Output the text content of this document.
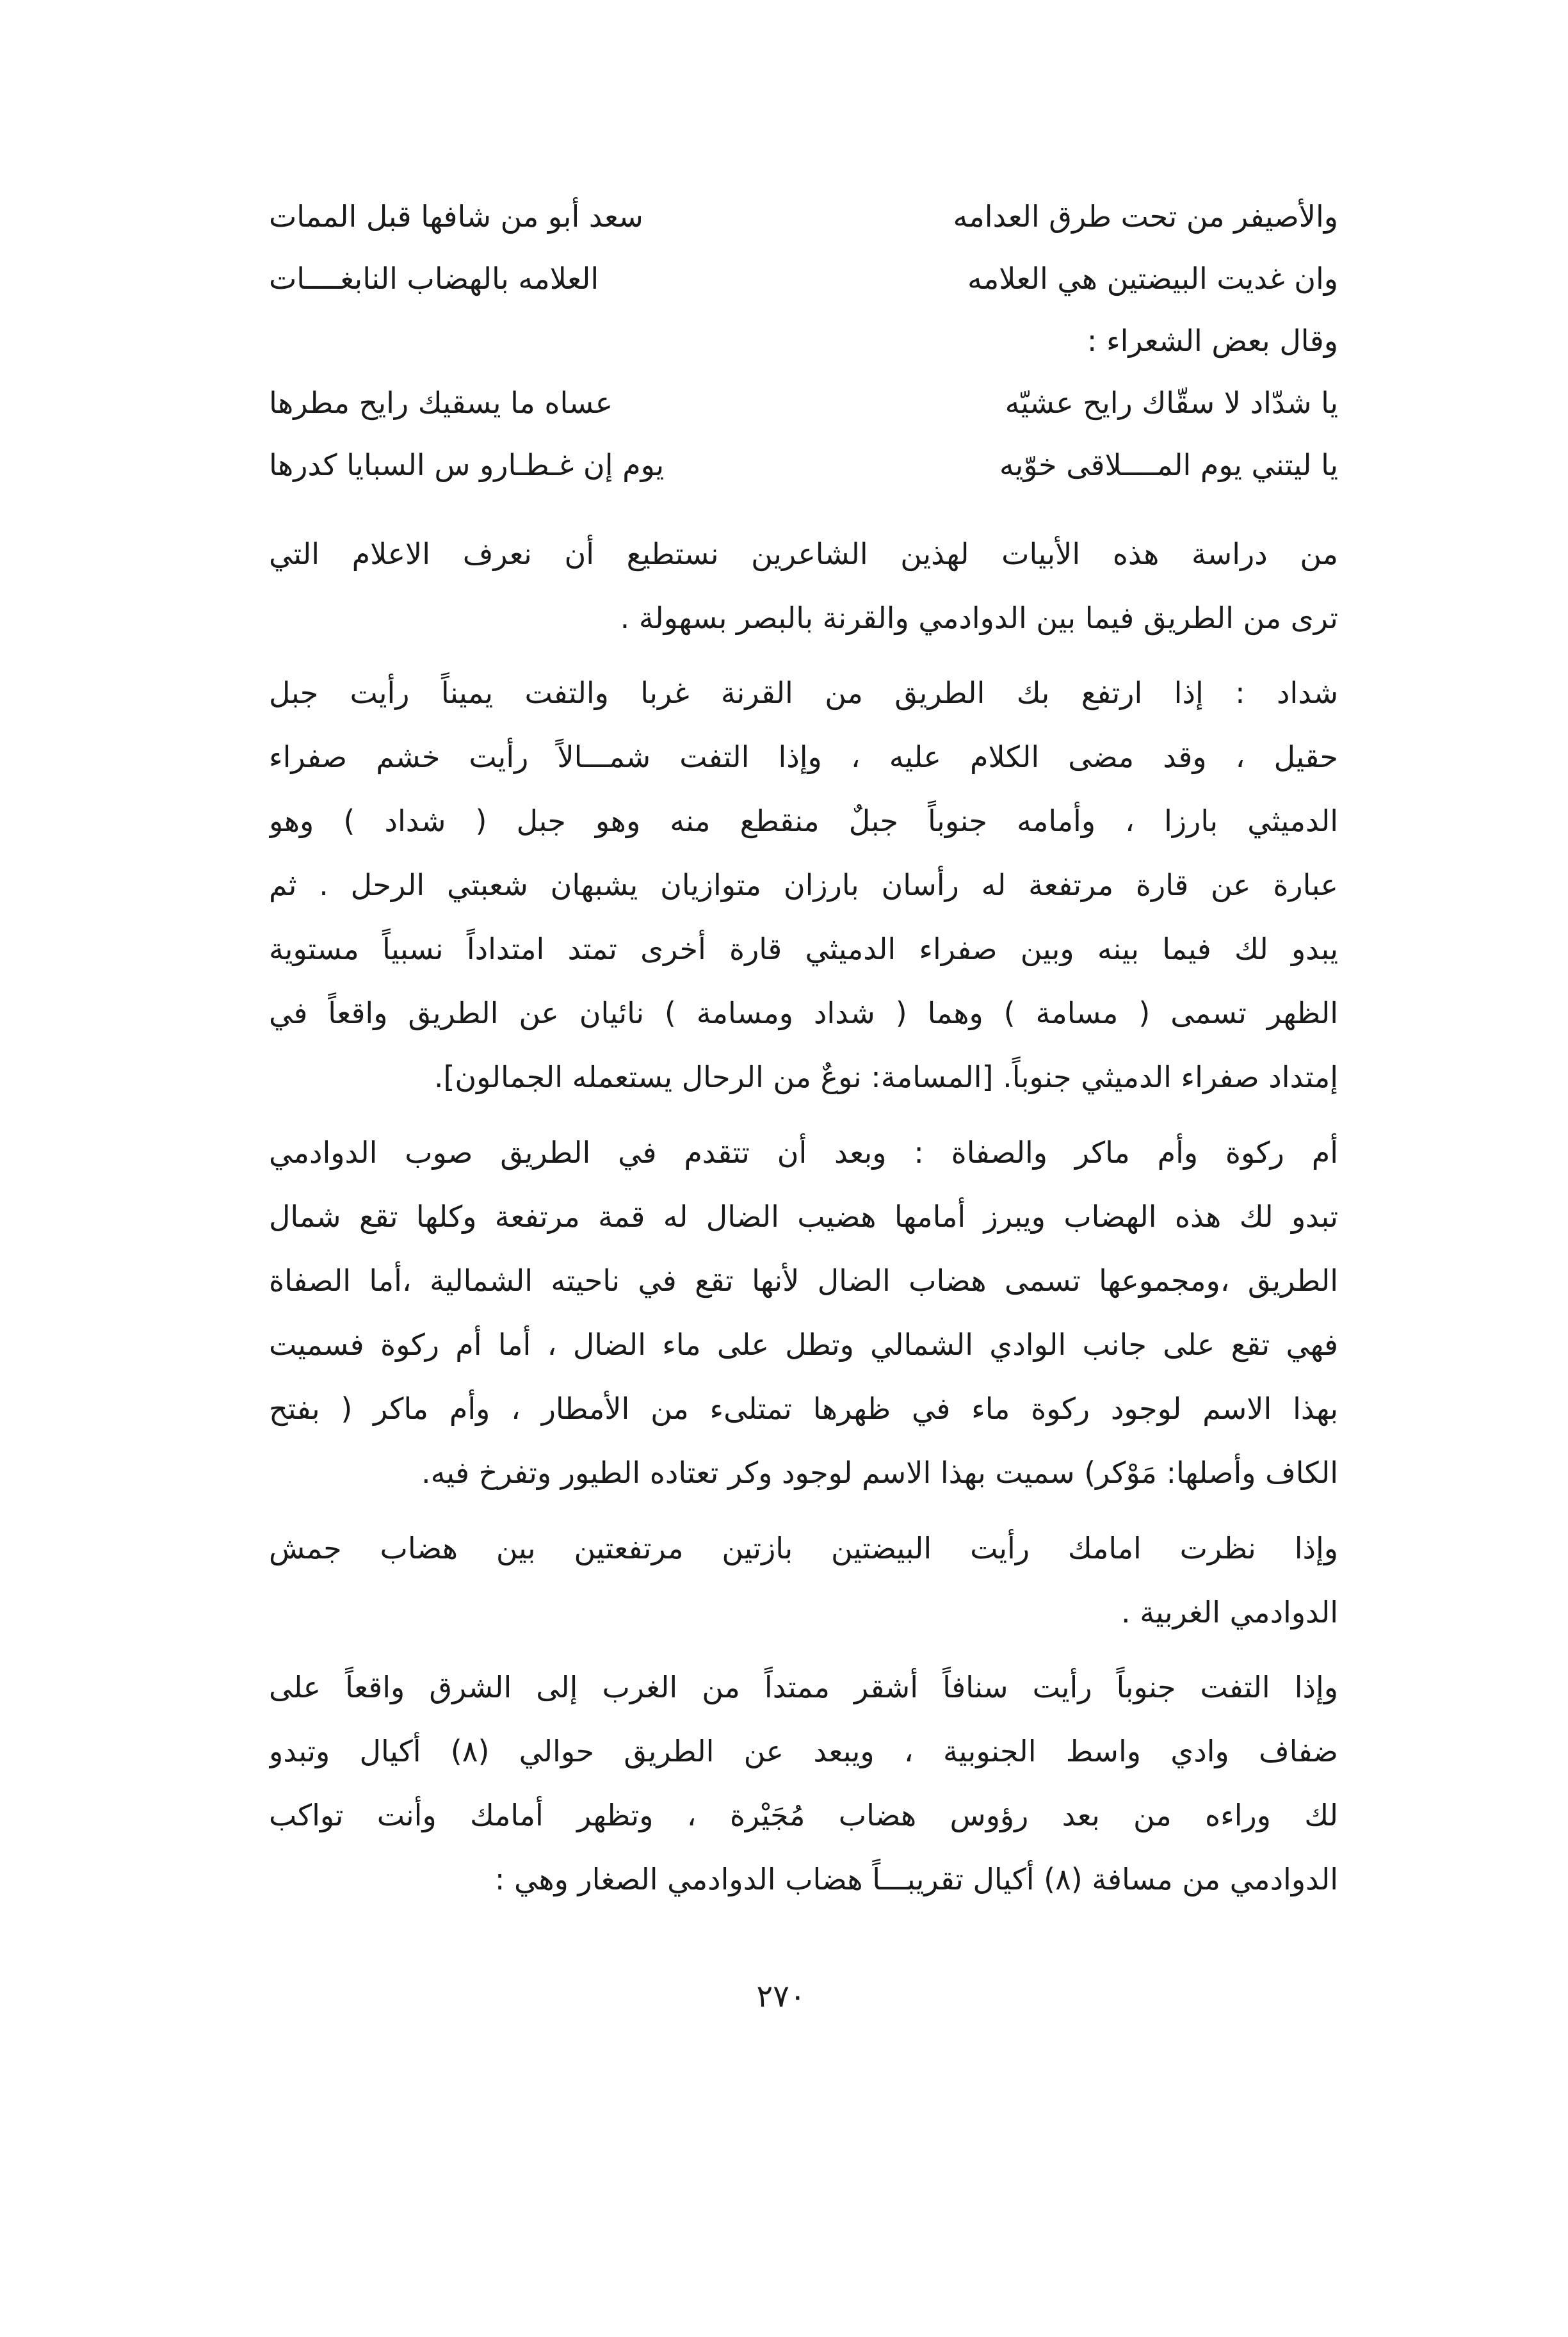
والأصيفر من تحت طرق العدامه
سعد أبو من شافها قبل الممات
وان غديت البيضتين هي العلامه
العلامه بالهضاب النابغــــات
وقال بعض الشعراء :
يا شدّاد لا سقّاك رايح عشيّه
عساه ما يسقيك رايح مطرها
يا ليتني يوم المــــلاقى خوّيه
يوم إن غـطـارو س السبايا كدرها
من دراسة هذه الأبيات لهذين الشاعرين نستطيع أن نعرف الاعلام التي
ترى من الطريق فيما بين الدوادمي والقرنة بالبصر بسهولة .
شداد : إذا ارتفع بك الطريق من القرنة غربا والتفت يميناً رأيت جبل
حقيل ، وقد مضى الكلام عليه ، وإذا التفت شمـــالاً رأيت خشم صفراء
الدميثي بارزا ، وأمامه جنوباً جبلٌ منقطع منه وهو جبل ( شداد ) وهو
عبارة عن قارة مرتفعة له رأسان بارزان متوازيان يشبهان شعبتي الرحل . ثم
يبدو لك فيما بينه وبين صفراء الدميثي قارة أخرى تمتد امتداداً نسبياً مستوية
الظهر تسمى ( مسامة ) وهما ( شداد ومسامة ) نائيان عن الطريق واقعاً في
إمتداد صفراء الدميثي جنوباً. [المسامة: نوعٌ من الرحال يستعمله الجمالون].
أم ركوة وأم ماكر والصفاة : وبعد أن تتقدم في الطريق صوب الدوادمي
تبدو لك هذه الهضاب ويبرز أمامها هضيب الضال له قمة مرتفعة وكلها تقع شمال
الطريق ،ومجموعها تسمى هضاب الضال لأنها تقع في ناحيته الشمالية ،أما الصفاة
فهي تقع على جانب الوادي الشمالي وتطل على ماء الضال ، أما أم ركوة فسميت
بهذا الاسم لوجود ركوة ماء في ظهرها تمتلىء من الأمطار ، وأم ماكر ( بفتح
الكاف وأصلها: مَوْكر) سميت بهذا الاسم لوجود وكر تعتاده الطيور وتفرخ فيه.
وإذا نظرت امامك رأيت البيضتين بازتين مرتفعتين بين هضاب جمش
الدوادمي الغربية .
وإذا التفت جنوباً رأيت سنافاً أشقر ممتداً من الغرب إلى الشرق واقعاً على
ضفاف وادي واسط الجنوبية ، ويبعد عن الطريق حوالي (٨) أكيال وتبدو
لك وراءه من بعد رؤوس هضاب مُجَيْرة ، وتظهر أمامك وأنت تواكب
الدوادمي من مسافة (٨) أكيال تقريبـــاً هضاب الدوادمي الصغار وهي :
٢٧٠
